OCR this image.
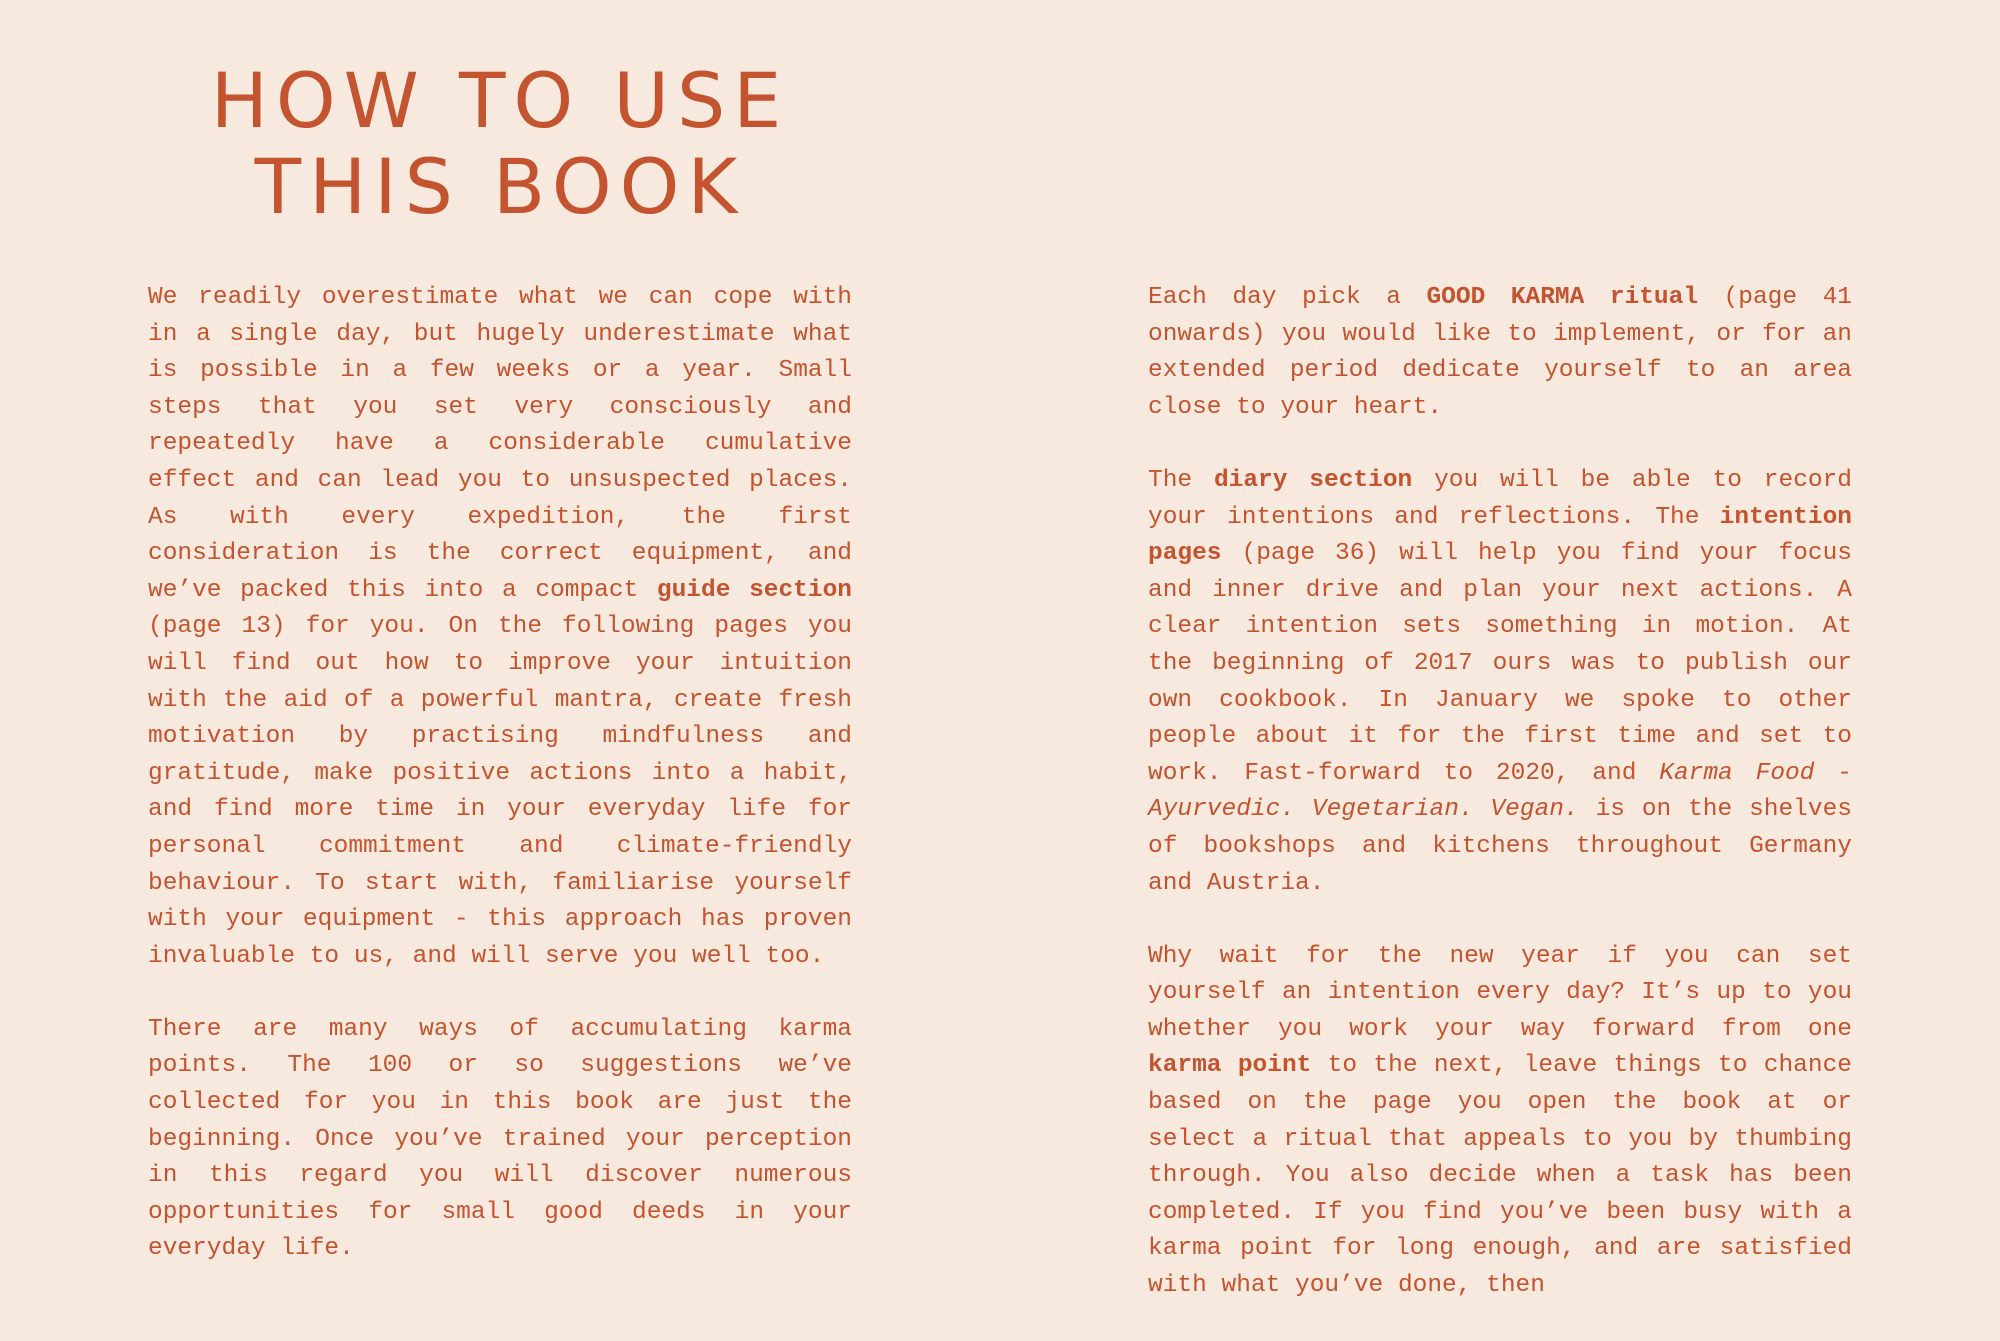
HOW TO USE
THIS BOOK

We readily overestimate what we can cope with in a single day, but hugely underestimate what is possible in a few weeks or a year. Small steps that you set very consciously and repeatedly have a considerable cumulative effect and can lead you to unsuspected places. As with every expedition, the first consideration is the correct equipment, and we’ve packed this into a compact guide section (page 13) for you. On the following pages you will find out how to improve your intuition with the aid of a powerful mantra, create fresh motivation by practising mindfulness and gratitude, make positive actions into a habit, and find more time in your everyday life for personal commitment and climate-friendly behaviour. To start with, familiarise yourself with your equipment - this approach has proven invaluable to us, and will serve you well too.

There are many ways of accumulating karma points. The 100 or so suggestions we’ve collected for you in this book are just the beginning. Once you’ve trained your perception in this regard you will discover numerous opportunities for small good deeds in your everyday life.

Each day pick a GOOD KARMA ritual (page 41 onwards) you would like to implement, or for an extended period dedicate yourself to an area close to your heart.

The diary section you will be able to record your intentions and reflections. The intention pages (page 36) will help you find your focus and inner drive and plan your next actions. A clear intention sets something in motion. At the beginning of 2017 ours was to publish our own cookbook. In January we spoke to other people about it for the first time and set to work. Fast-forward to 2020, and Karma Food - Ayurvedic. Vegetarian. Vegan. is on the shelves of bookshops and kitchens throughout Germany and Austria.

Why wait for the new year if you can set yourself an intention every day? It’s up to you whether you work your way forward from one karma point to the next, leave things to chance based on the page you open the book at or select a ritual that appeals to you by thumbing through. You also decide when a task has been completed. If you find you’ve been busy with a karma point for long enough, and are satisfied with what you’ve done, then
